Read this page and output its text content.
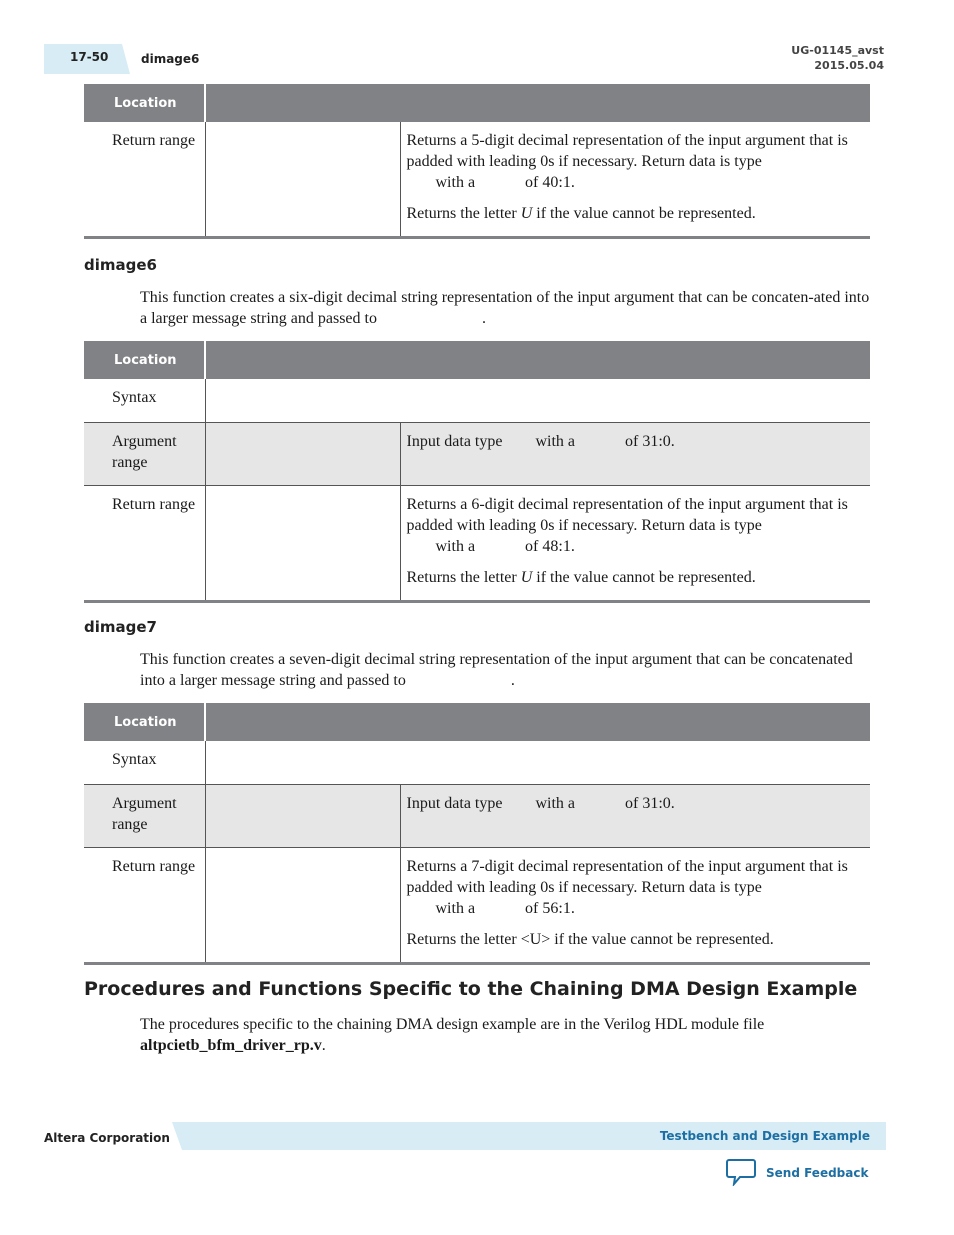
17-50	dimage6
UG-01145_avst
2015.05.04
Location		
Return range		Returns a 5-digit decimal representation of the input argument that is padded with leading 0s if necessary. Return data is type
with a of 40:1.

Returns the letter U if the value cannot be represented.

dimage6

This function creates a six-digit decimal string representation of the input argument that can be concaten-ated into a larger message string and passed to	.

Location		
Syntax		
Argument range		Input data type with a of 31:0.
Return range		Returns a 6-digit decimal representation of the input argument that is padded with leading 0s if necessary. Return data is type
with a of 48:1.

Returns the letter U if the value cannot be represented.

dimage7

This function creates a seven-digit decimal string representation of the input argument that can be concatenated into a larger message string and passed to	.

Location		
Syntax		
Argument range		Input data type with a of 31:0.
Return range		Returns a 7-digit decimal representation of the input argument that is padded with leading 0s if necessary. Return data is type
with a of 56:1.

Returns the letter <U> if the value cannot be represented.

Procedures and Functions Specific to the Chaining DMA Design Example

The procedures specific to the chaining DMA design example are in the Verilog HDL module file altpcietb_bfm_driver_rp.v.

Altera Corporation	Testbench and Design Example
Send Feedback
